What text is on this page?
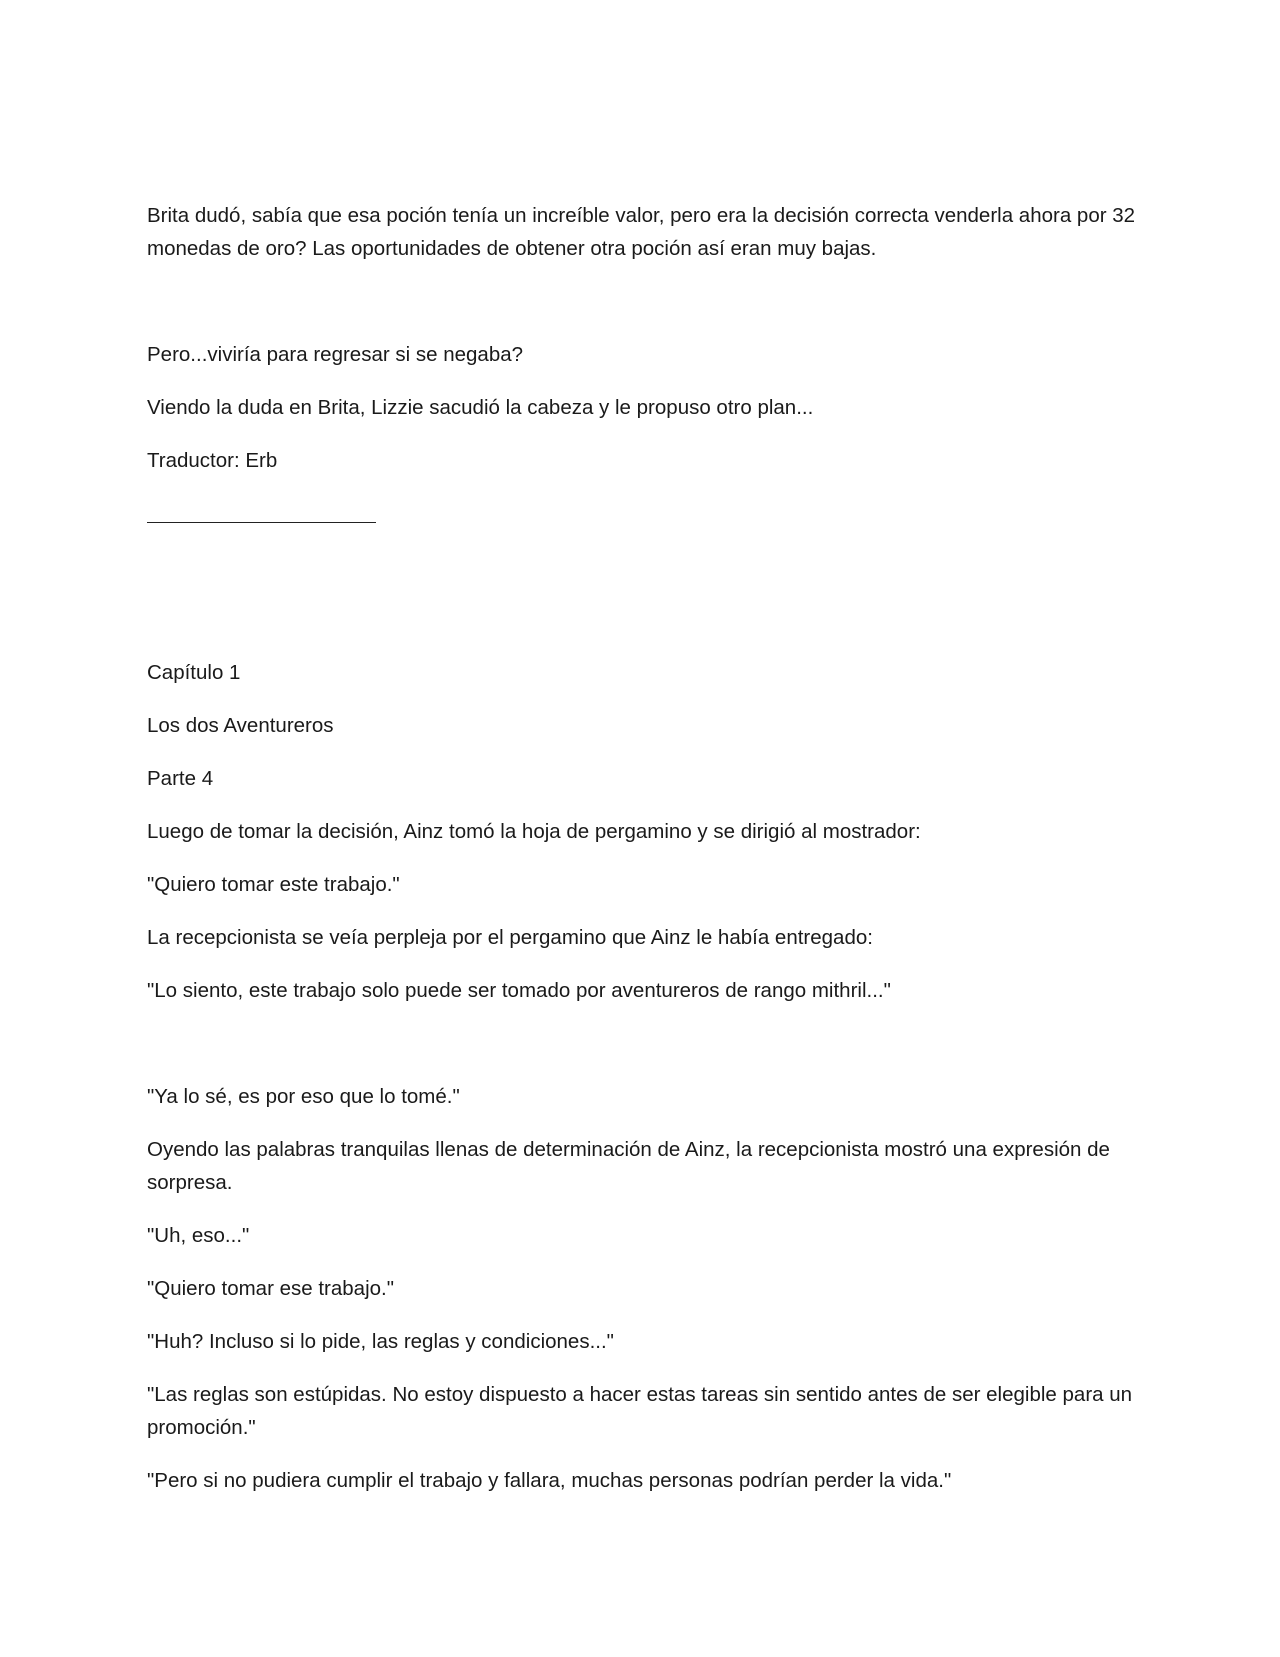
Brita dudó, sabía que esa poción tenía un increíble valor, pero era la decisión correcta venderla ahora por 32 monedas de oro? Las oportunidades de obtener otra poción así eran muy bajas.

Pero...viviría para regresar si se negaba?

Viendo la duda en Brita, Lizzie sacudió la cabeza y le propuso otro plan...

Traductor: Erb

Capítulo 1

Los dos Aventureros

Parte 4

Luego de tomar la decisión, Ainz tomó la hoja de pergamino y se dirigió al mostrador:

"Quiero tomar este trabajo."

La recepcionista se veía perpleja por el pergamino que Ainz le había entregado:

"Lo siento, este trabajo solo puede ser tomado por aventureros de rango mithril..."

"Ya lo sé, es por eso que lo tomé."

Oyendo las palabras tranquilas llenas de determinación de Ainz, la recepcionista mostró una expresión de sorpresa.

"Uh, eso..."

"Quiero tomar ese trabajo."

"Huh? Incluso si lo pide, las reglas y condiciones..."

"Las reglas son estúpidas. No estoy dispuesto a hacer estas tareas sin sentido antes de ser elegible para un promoción."

"Pero si no pudiera cumplir el trabajo y fallara, muchas personas podrían perder la vida."
